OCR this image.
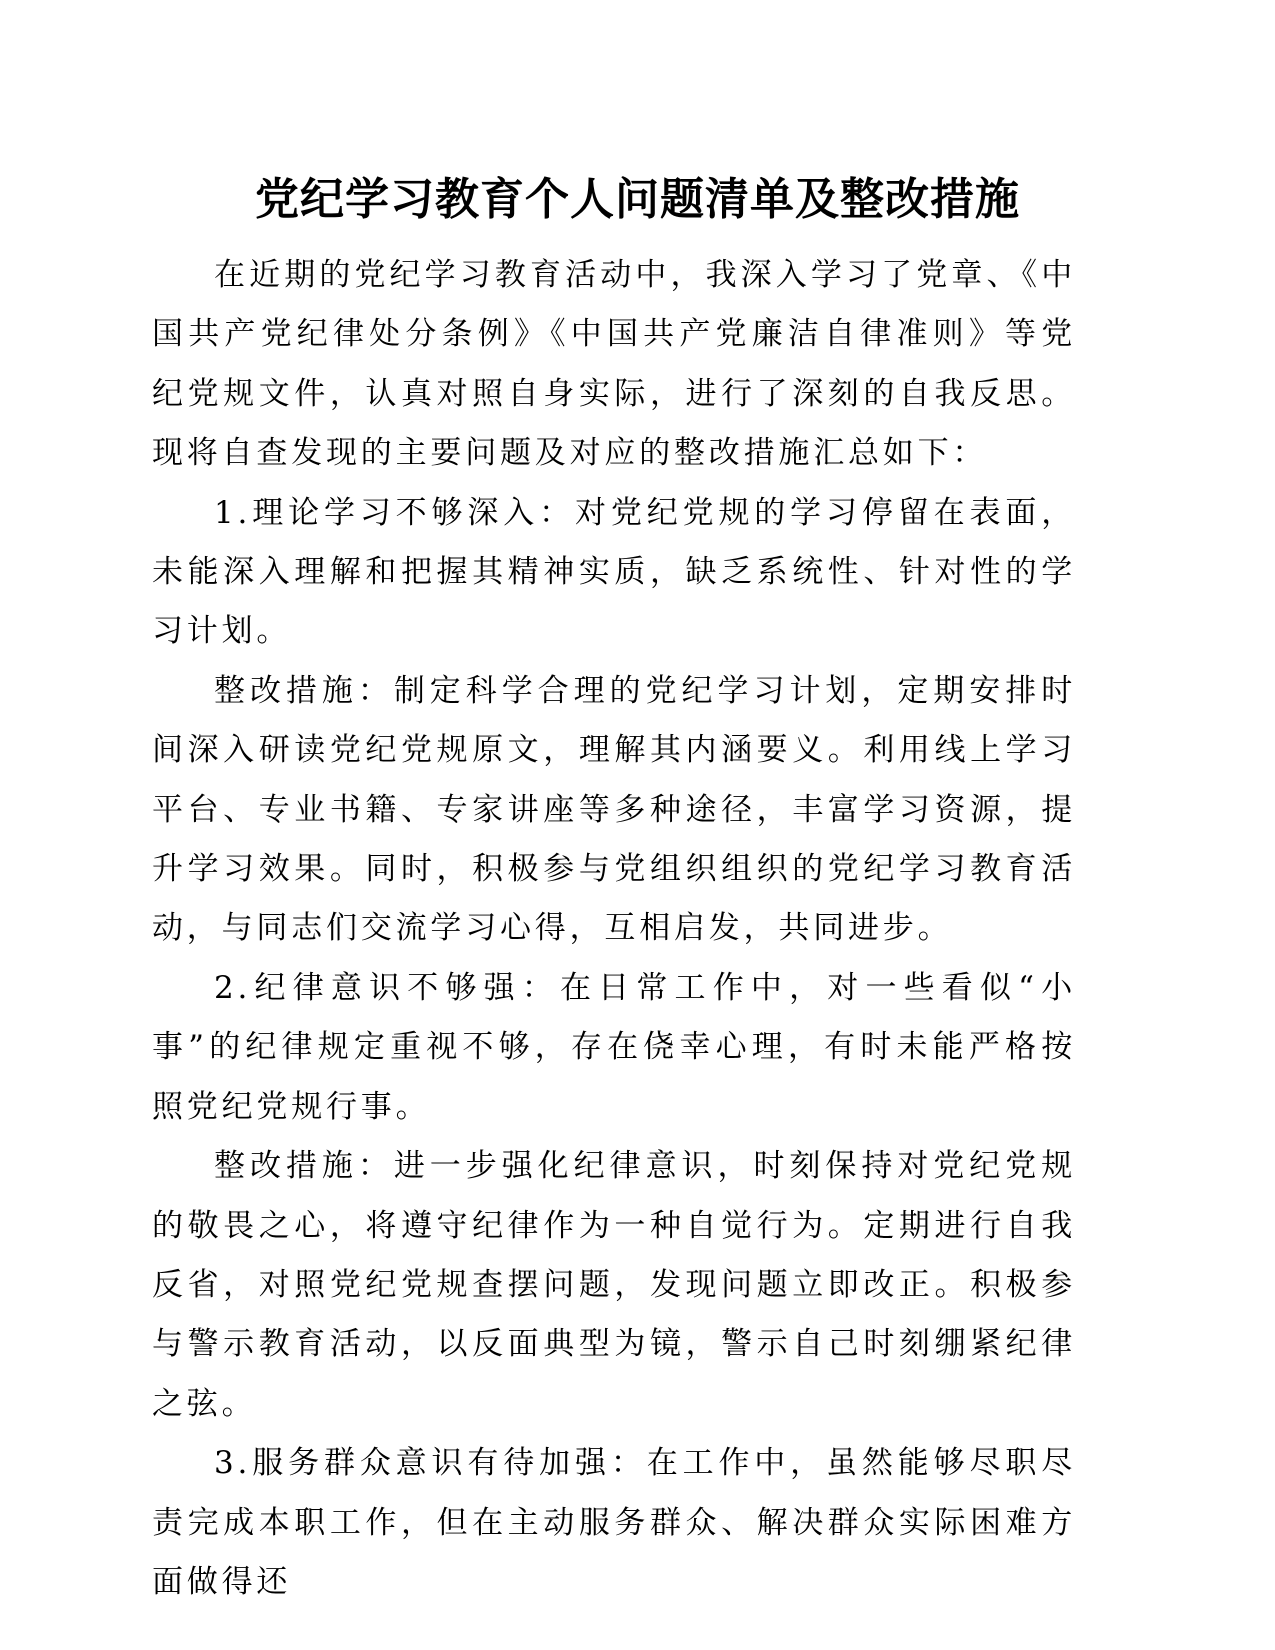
党纪学习教育个人问题清单及整改措施

在近期的党纪学习教育活动中，我深入学习了党章、《中国共产党纪律处分条例》《中国共产党廉洁自律准则》等党纪党规文件，认真对照自身实际，进行了深刻的自我反思。现将自查发现的主要问题及对应的整改措施汇总如下：

1.理论学习不够深入：对党纪党规的学习停留在表面，未能深入理解和把握其精神实质，缺乏系统性、针对性的学习计划。

整改措施：制定科学合理的党纪学习计划，定期安排时间深入研读党纪党规原文，理解其内涵要义。利用线上学习平台、专业书籍、专家讲座等多种途径，丰富学习资源，提升学习效果。同时，积极参与党组织组织的党纪学习教育活动，与同志们交流学习心得，互相启发，共同进步。

2.纪律意识不够强：在日常工作中，对一些看似“小事”的纪律规定重视不够，存在侥幸心理，有时未能严格按照党纪党规行事。

整改措施：进一步强化纪律意识，时刻保持对党纪党规的敬畏之心，将遵守纪律作为一种自觉行为。定期进行自我反省，对照党纪党规查摆问题，发现问题立即改正。积极参与警示教育活动，以反面典型为镜，警示自己时刻绷紧纪律之弦。

3.服务群众意识有待加强：在工作中，虽然能够尽职尽责完成本职工作，但在主动服务群众、解决群众实际困难方面做得还
